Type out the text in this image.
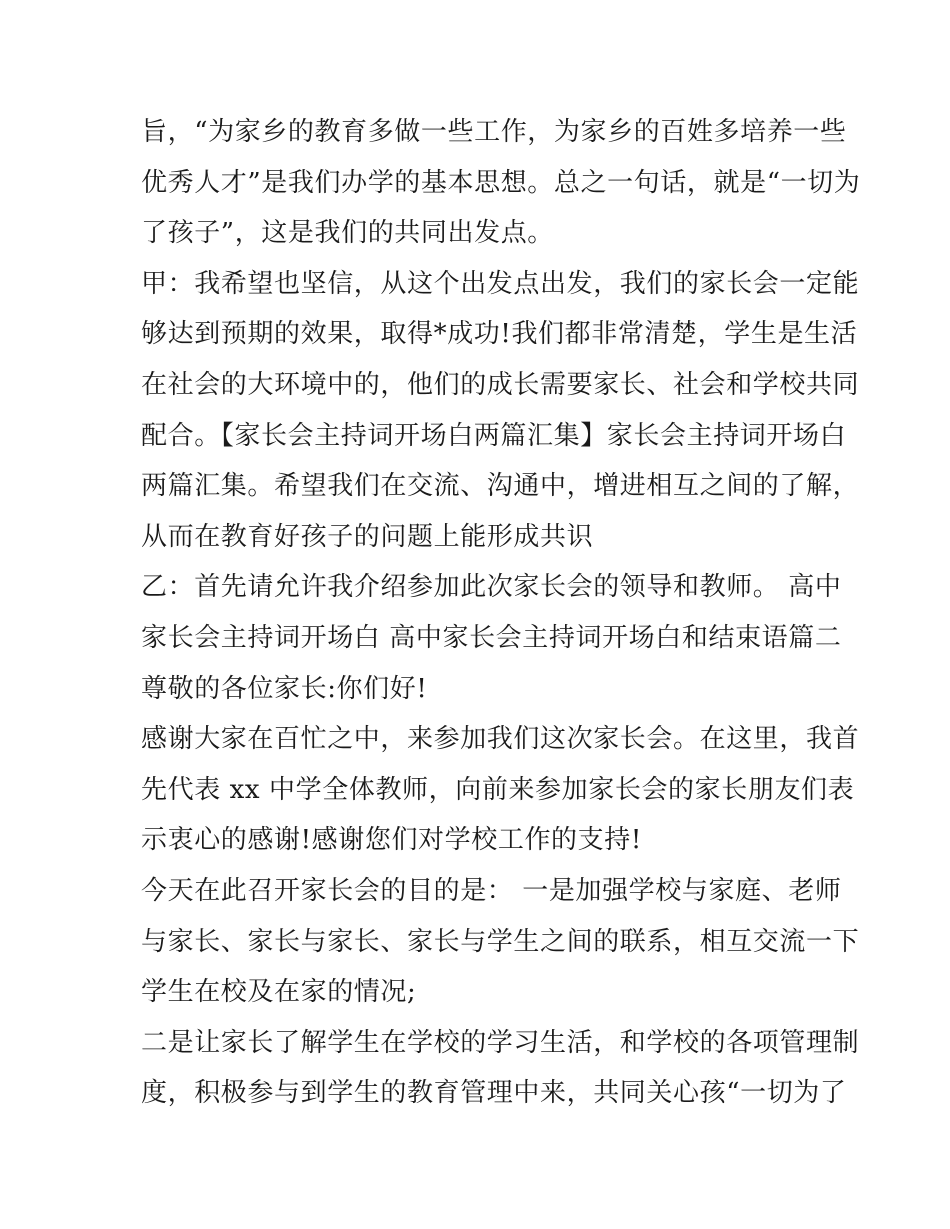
旨，“为家乡的教育多做一些工作，为家乡的百姓多培养一些
优秀人才”是我们办学的基本思想。总之一句话，就是“一切为
了孩子”，这是我们的共同出发点。
甲：我希望也坚信，从这个出发点出发，我们的家长会一定能
够达到预期的效果，取得*成功!我们都非常清楚，学生是生活
在社会的大环境中的，他们的成长需要家长、社会和学校共同
配合。【家长会主持词开场白两篇汇集】家长会主持词开场白
两篇汇集。希望我们在交流、沟通中，增进相互之间的了解，
从而在教育好孩子的问题上能形成共识
乙：首先请允许我介绍参加此次家长会的领导和教师。 高中
家长会主持词开场白 高中家长会主持词开场白和结束语篇二
尊敬的各位家长:你们好!
感谢大家在百忙之中，来参加我们这次家长会。在这里，我首
先代表 xx 中学全体教师，向前来参加家长会的家长朋友们表
示衷心的感谢!感谢您们对学校工作的支持!
今天在此召开家长会的目的是： 一是加强学校与家庭、老师
与家长、家长与家长、家长与学生之间的联系，相互交流一下
学生在校及在家的情况;
二是让家长了解学生在学校的学习生活，和学校的各项管理制
度，积极参与到学生的教育管理中来，共同关心孩“一切为了
